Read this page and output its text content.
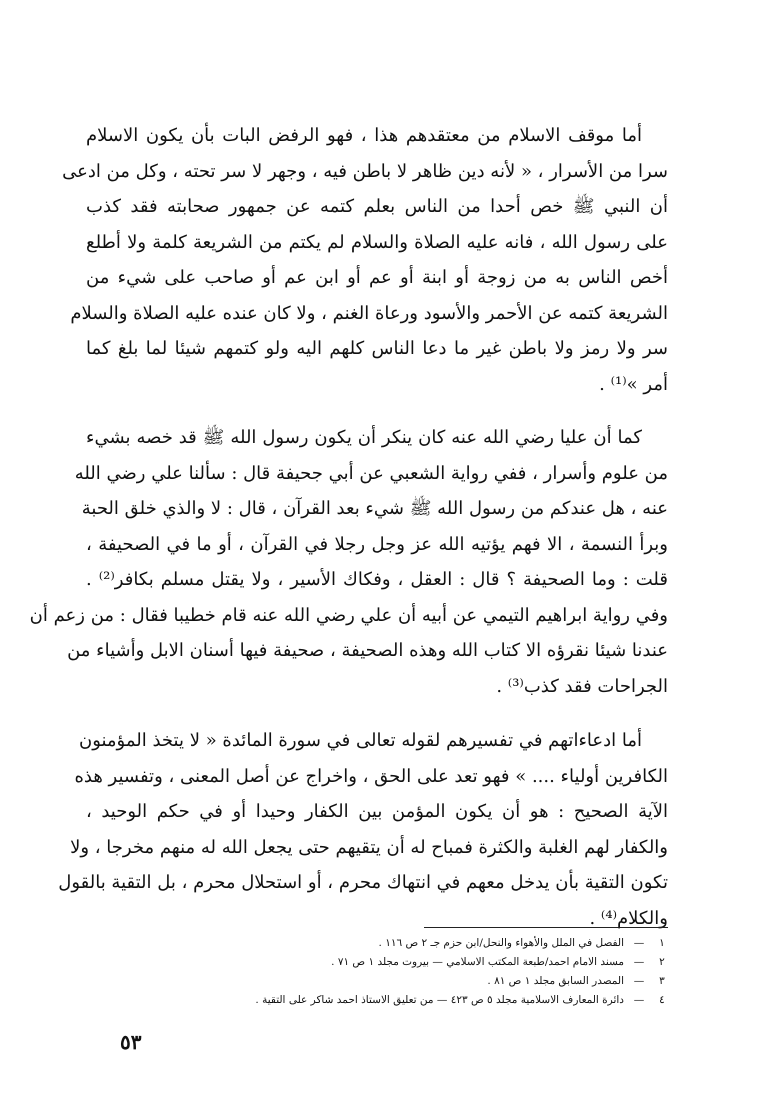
أما موقف الاسلام من معتقدهم هذا ، فهو الرفض البات بأن يكون الاسلام
سرا من الأسرار ، « لأنه دين ظاهر لا باطن فيه ، وجهر لا سر تحته ، وكل من ادعى
أن النبي ﷺ خص أحدا من الناس بعلم كتمه عن جمهور صحابته فقد كذب
على رسول الله ، فانه عليه الصلاة والسلام لم يكتم من الشريعة كلمة ولا أطلع
أخص الناس به من زوجة أو ابنة أو عم أو ابن عم أو صاحب على شيء من
الشريعة كتمه عن الأحمر والأسود ورعاة الغنم ، ولا كان عنده عليه الصلاة والسلام
سر ولا رمز ولا باطن غير ما دعا الناس كلهم اليه ولو كتمهم شيئا لما بلغ كما
أمر »⁽¹⁾ .

كما أن عليا رضي الله عنه كان ينكر أن يكون رسول الله ﷺ قد خصه بشيء
من علوم وأسرار ، ففي رواية الشعبي عن أبي جحيفة قال : سألنا علي رضي الله
عنه ، هل عندكم من رسول الله ﷺ شيء بعد القرآن ، قال : لا والذي خلق الحبة
وبرأ النسمة ، الا فهم يؤتيه الله عز وجل رجلا في القرآن ، أو ما في الصحيفة ،
قلت : وما الصحيفة ؟ قال : العقل ، وفكاك الأسير ، ولا يقتل مسلم بكافر⁽²⁾ .
وفي رواية ابراهيم التيمي عن أبيه أن علي رضي الله عنه قام خطيبا فقال : من زعم أن
عندنا شيئا نقرؤه الا كتاب الله وهذه الصحيفة ، صحيفة فيها أسنان الابل وأشياء من
الجراحات فقد كذب⁽³⁾ .

أما ادعاءاتهم في تفسيرهم لقوله تعالى في سورة المائدة « لا يتخذ المؤمنون
الكافرين أولياء .... » فهو تعد على الحق ، واخراج عن أصل المعنى ، وتفسير هذه
الآية الصحيح : هو أن يكون المؤمن بين الكفار وحيدا أو في حكم الوحيد ،
والكفار لهم الغلبة والكثرة فمباح له أن يتقيهم حتى يجعل الله له منهم مخرجا ، ولا
تكون التقية بأن يدخل معهم في انتهاك محرم ، أو استحلال محرم ، بل التقية بالقول
والكلام⁽⁴⁾ .

١
—
الفصل في الملل والأهواء والنحل/ابن حزم جـ ٢ ص ١١٦ .
٢
—
مسند الامام احمد/طبعة المكتب الاسلامي — بيروت مجلد ١ ص ٧١ .
٣
—
المصدر السابق مجلد ١ ص ٨١ .
٤
—
دائرة المعارف الاسلامية مجلد ٥ ص ٤٢٣ — من تعليق الاستاذ احمد شاكر على التقية .
٥٣
